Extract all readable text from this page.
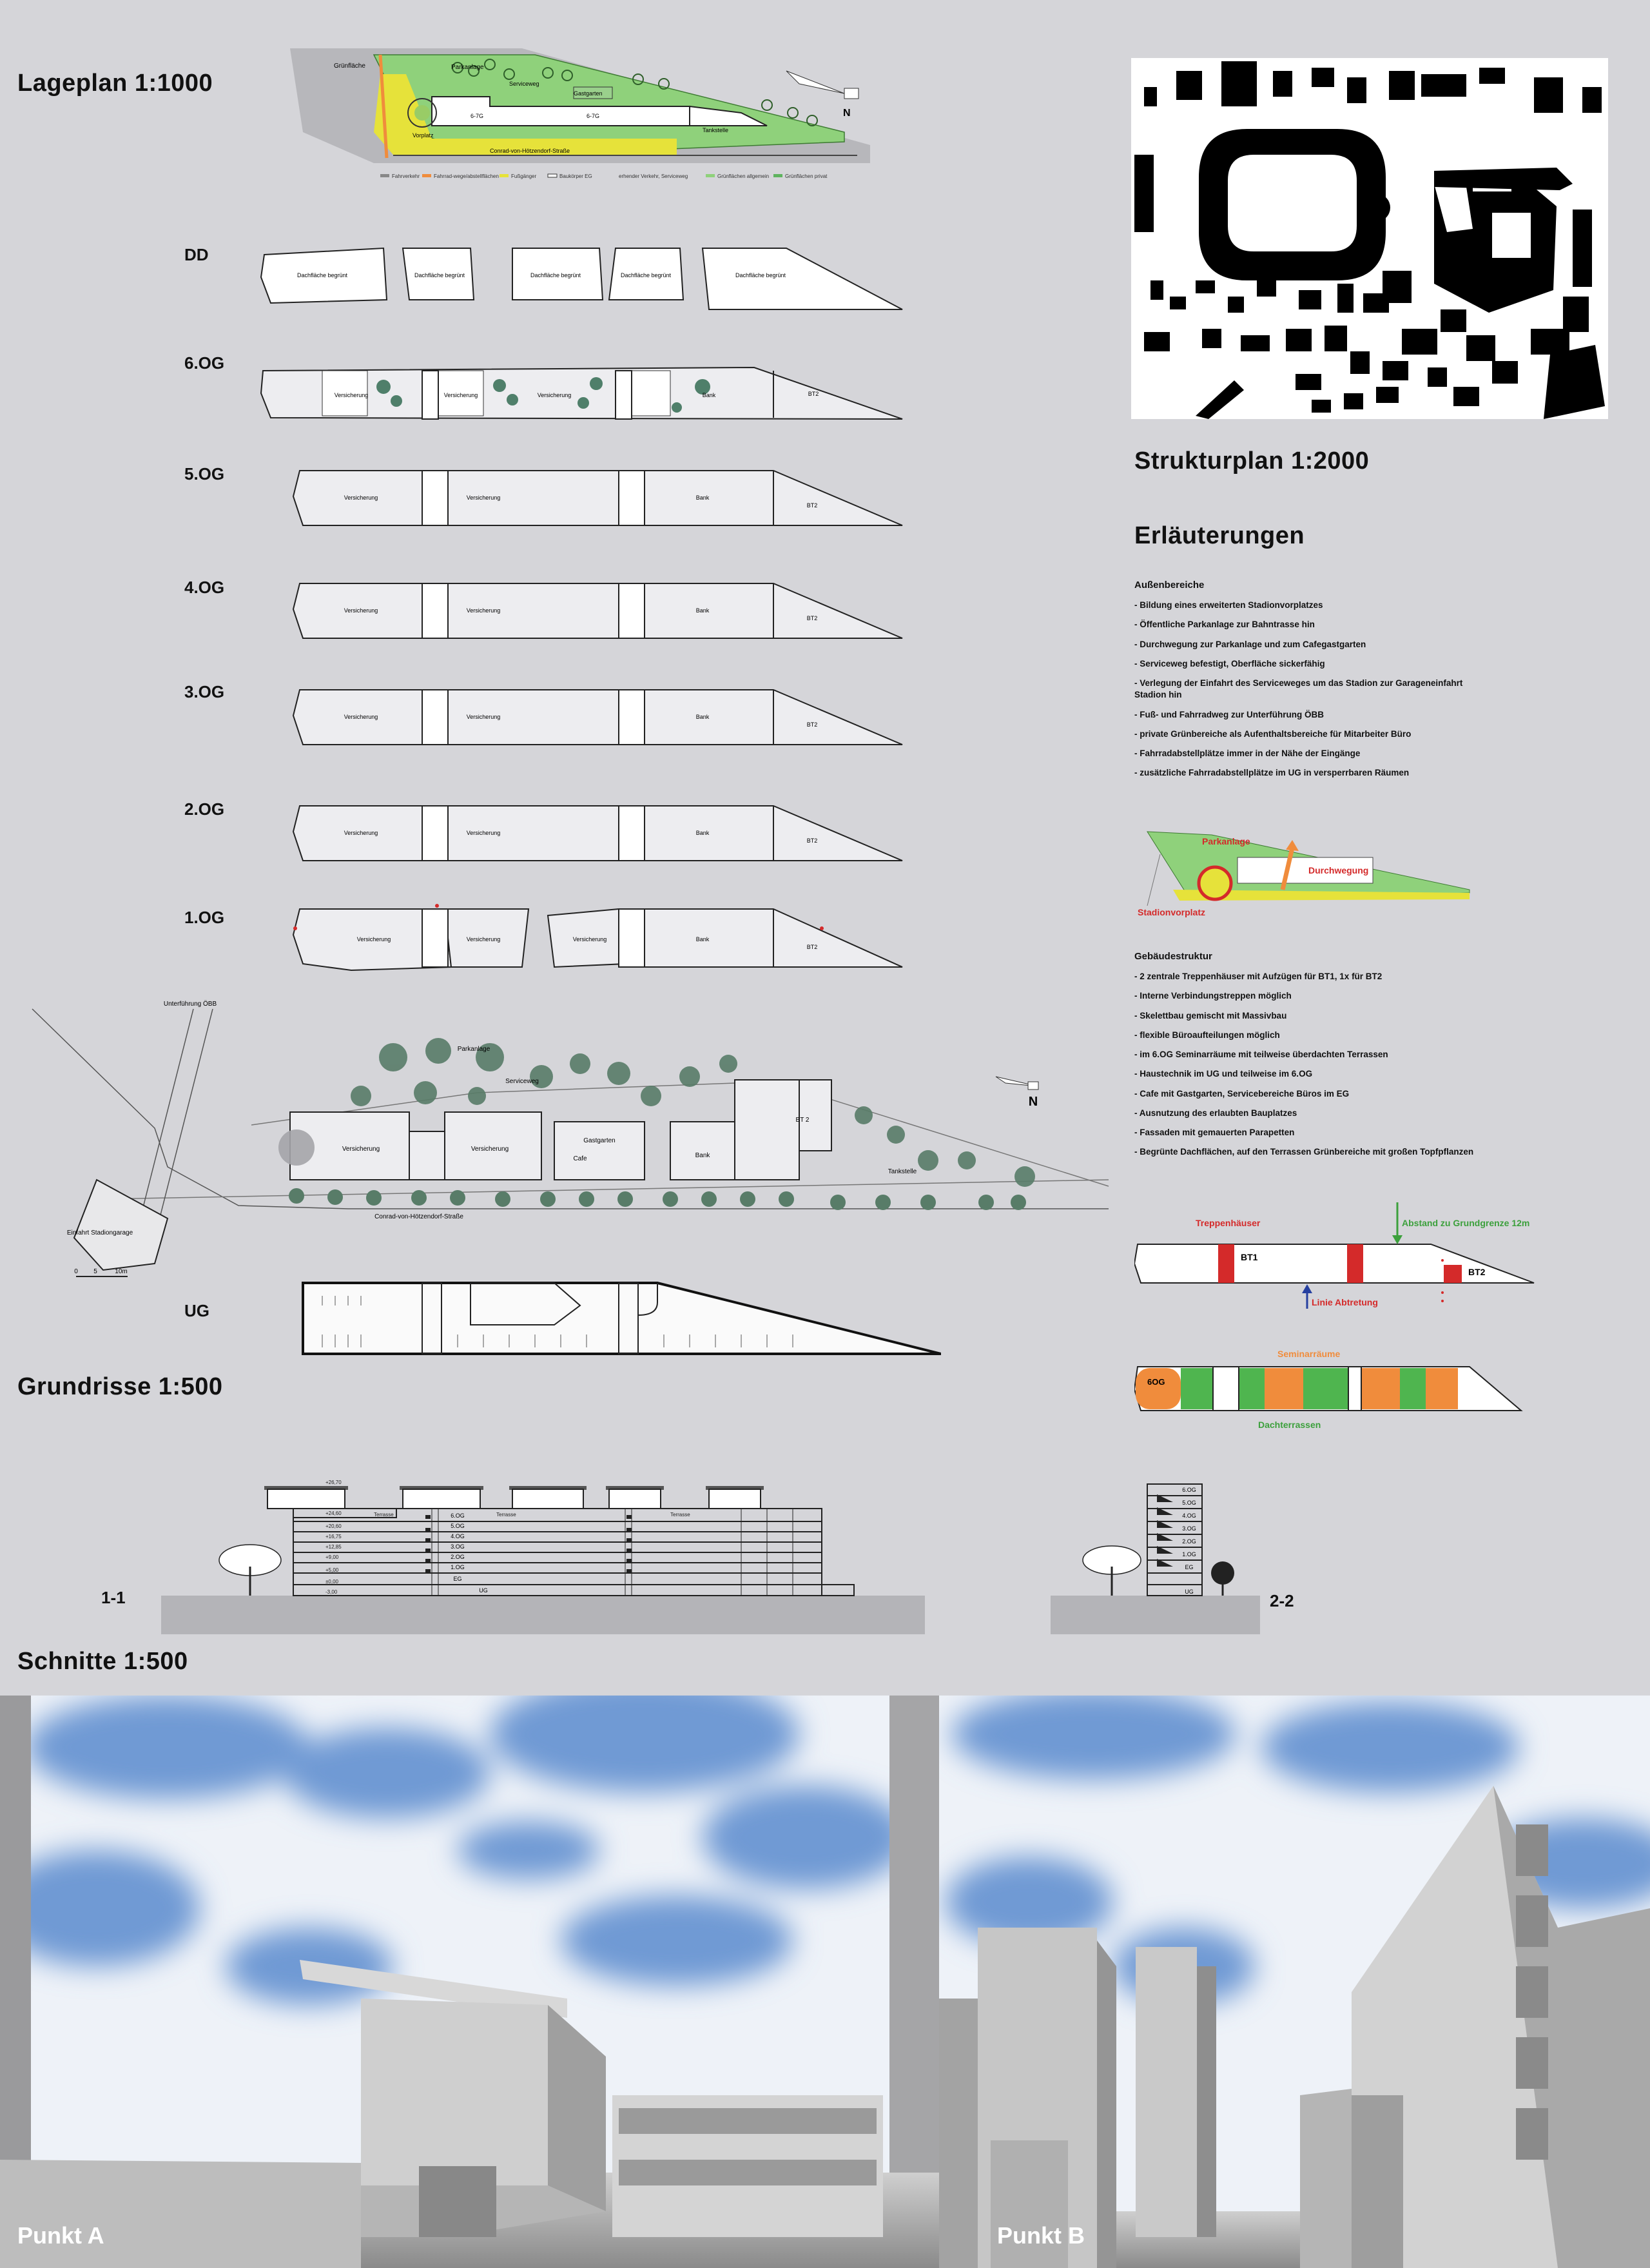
Lageplan 1:1000
Strukturplan 1:2000
Erläuterungen
Grundrisse 1:500
Schnitte 1:500
Grünfläche	Parkanlage
Gastgarten
Serviceweg
Vorplatz
6-7G	6-7G
Conrad-von-Hötzendorf-Straße
Tankstelle
N
Fahrverkehr	Fahrrad-wege/abstellflächen Fußgänger	Baukörper EG	erhender Verkehr, Serviceweg	Grünflächen allgemein	Grünflächen privat
DD
6.OG
5.OG
4.OG
3.OG
2.OG
1.OG
UG
Dachfläche begrünt	Dachfläche begrünt	Dachfläche begrünt	Dachfläche begrünt	Dachfläche begrünt
Versicherung	Versicherung	Versicherung	Bank	BT2
Versicherung	Versicherung	Bank
BT2
Versicherung	Versicherung	Bank
BT2
Versicherung	Versicherung	Bank
BT2
Versicherung	Versicherung	Bank
BT2
Versicherung	Versicherung	Versicherung	Bank
BT2
Versicherung	Versicherung
Gastgarten
Cafe	Bank
BT 2
Parkanlage
Serviceweg
Conrad-von-Hötzendorf-Straße
Tankstelle
Unterführung ÖBB
Einfahrt Stadiongarage
N
0 5	10m
Außenbereiche
- Bildung eines erweiterten Stadionvorplatzes
- Öffentliche Parkanlage zur Bahntrasse hin
- Durchwegung zur Parkanlage und zum Cafegastgarten
- Serviceweg befestigt, Oberfläche sickerfähig
- Verlegung der Einfahrt des Serviceweges um das Stadion zur Garageneinfahrt Stadion hin
- Fuß- und Fahrradweg zur Unterführung ÖBB
- private Grünbereiche als Aufenthaltsbereiche für Mitarbeiter Büro
- Fahrradabstellplätze immer in der Nähe der Eingänge
- zusätzliche Fahrradabstellplätze im UG in versperrbaren Räumen
Parkanlage
Durchwegung
Stadionvorplatz
Gebäudestruktur
- 2 zentrale Treppenhäuser mit Aufzügen für BT1, 1x für BT2
- Interne Verbindungstreppen möglich
- Skelettbau gemischt mit Massivbau
- flexible Büroaufteilungen möglich
- im 6.OG Seminarräume mit teilweise überdachten Terrassen
- Haustechnik im UG und teilweise im 6.OG
- Cafe mit Gastgarten, Servicebereiche Büros im EG
- Ausnutzung des erlaubten Bauplatzes
- Fassaden mit gemauerten Parapetten
- Begrünte Dachflächen, auf den Terrassen Grünbereiche mit großen Topfpflanzen
Treppenhäuser	Abstand zu Grundgrenze 12m
BT1
BT2
Linie Abtretung
Seminarräume
6OG
Dachterrassen
1-1
6.OG
5.OG
4.OG
3.OG
2.OG
1.OG
EG
UG
+26,70
+24,60
+20,60
+16,75
+12,85
+9,00
+5,00
±0,00
-3,00
Terrasse	Terrasse	Terrasse
2-2
6.OG
5.OG
4.OG
3.OG
2.OG
1.OG
EG
UG
Punkt A	Punkt B
